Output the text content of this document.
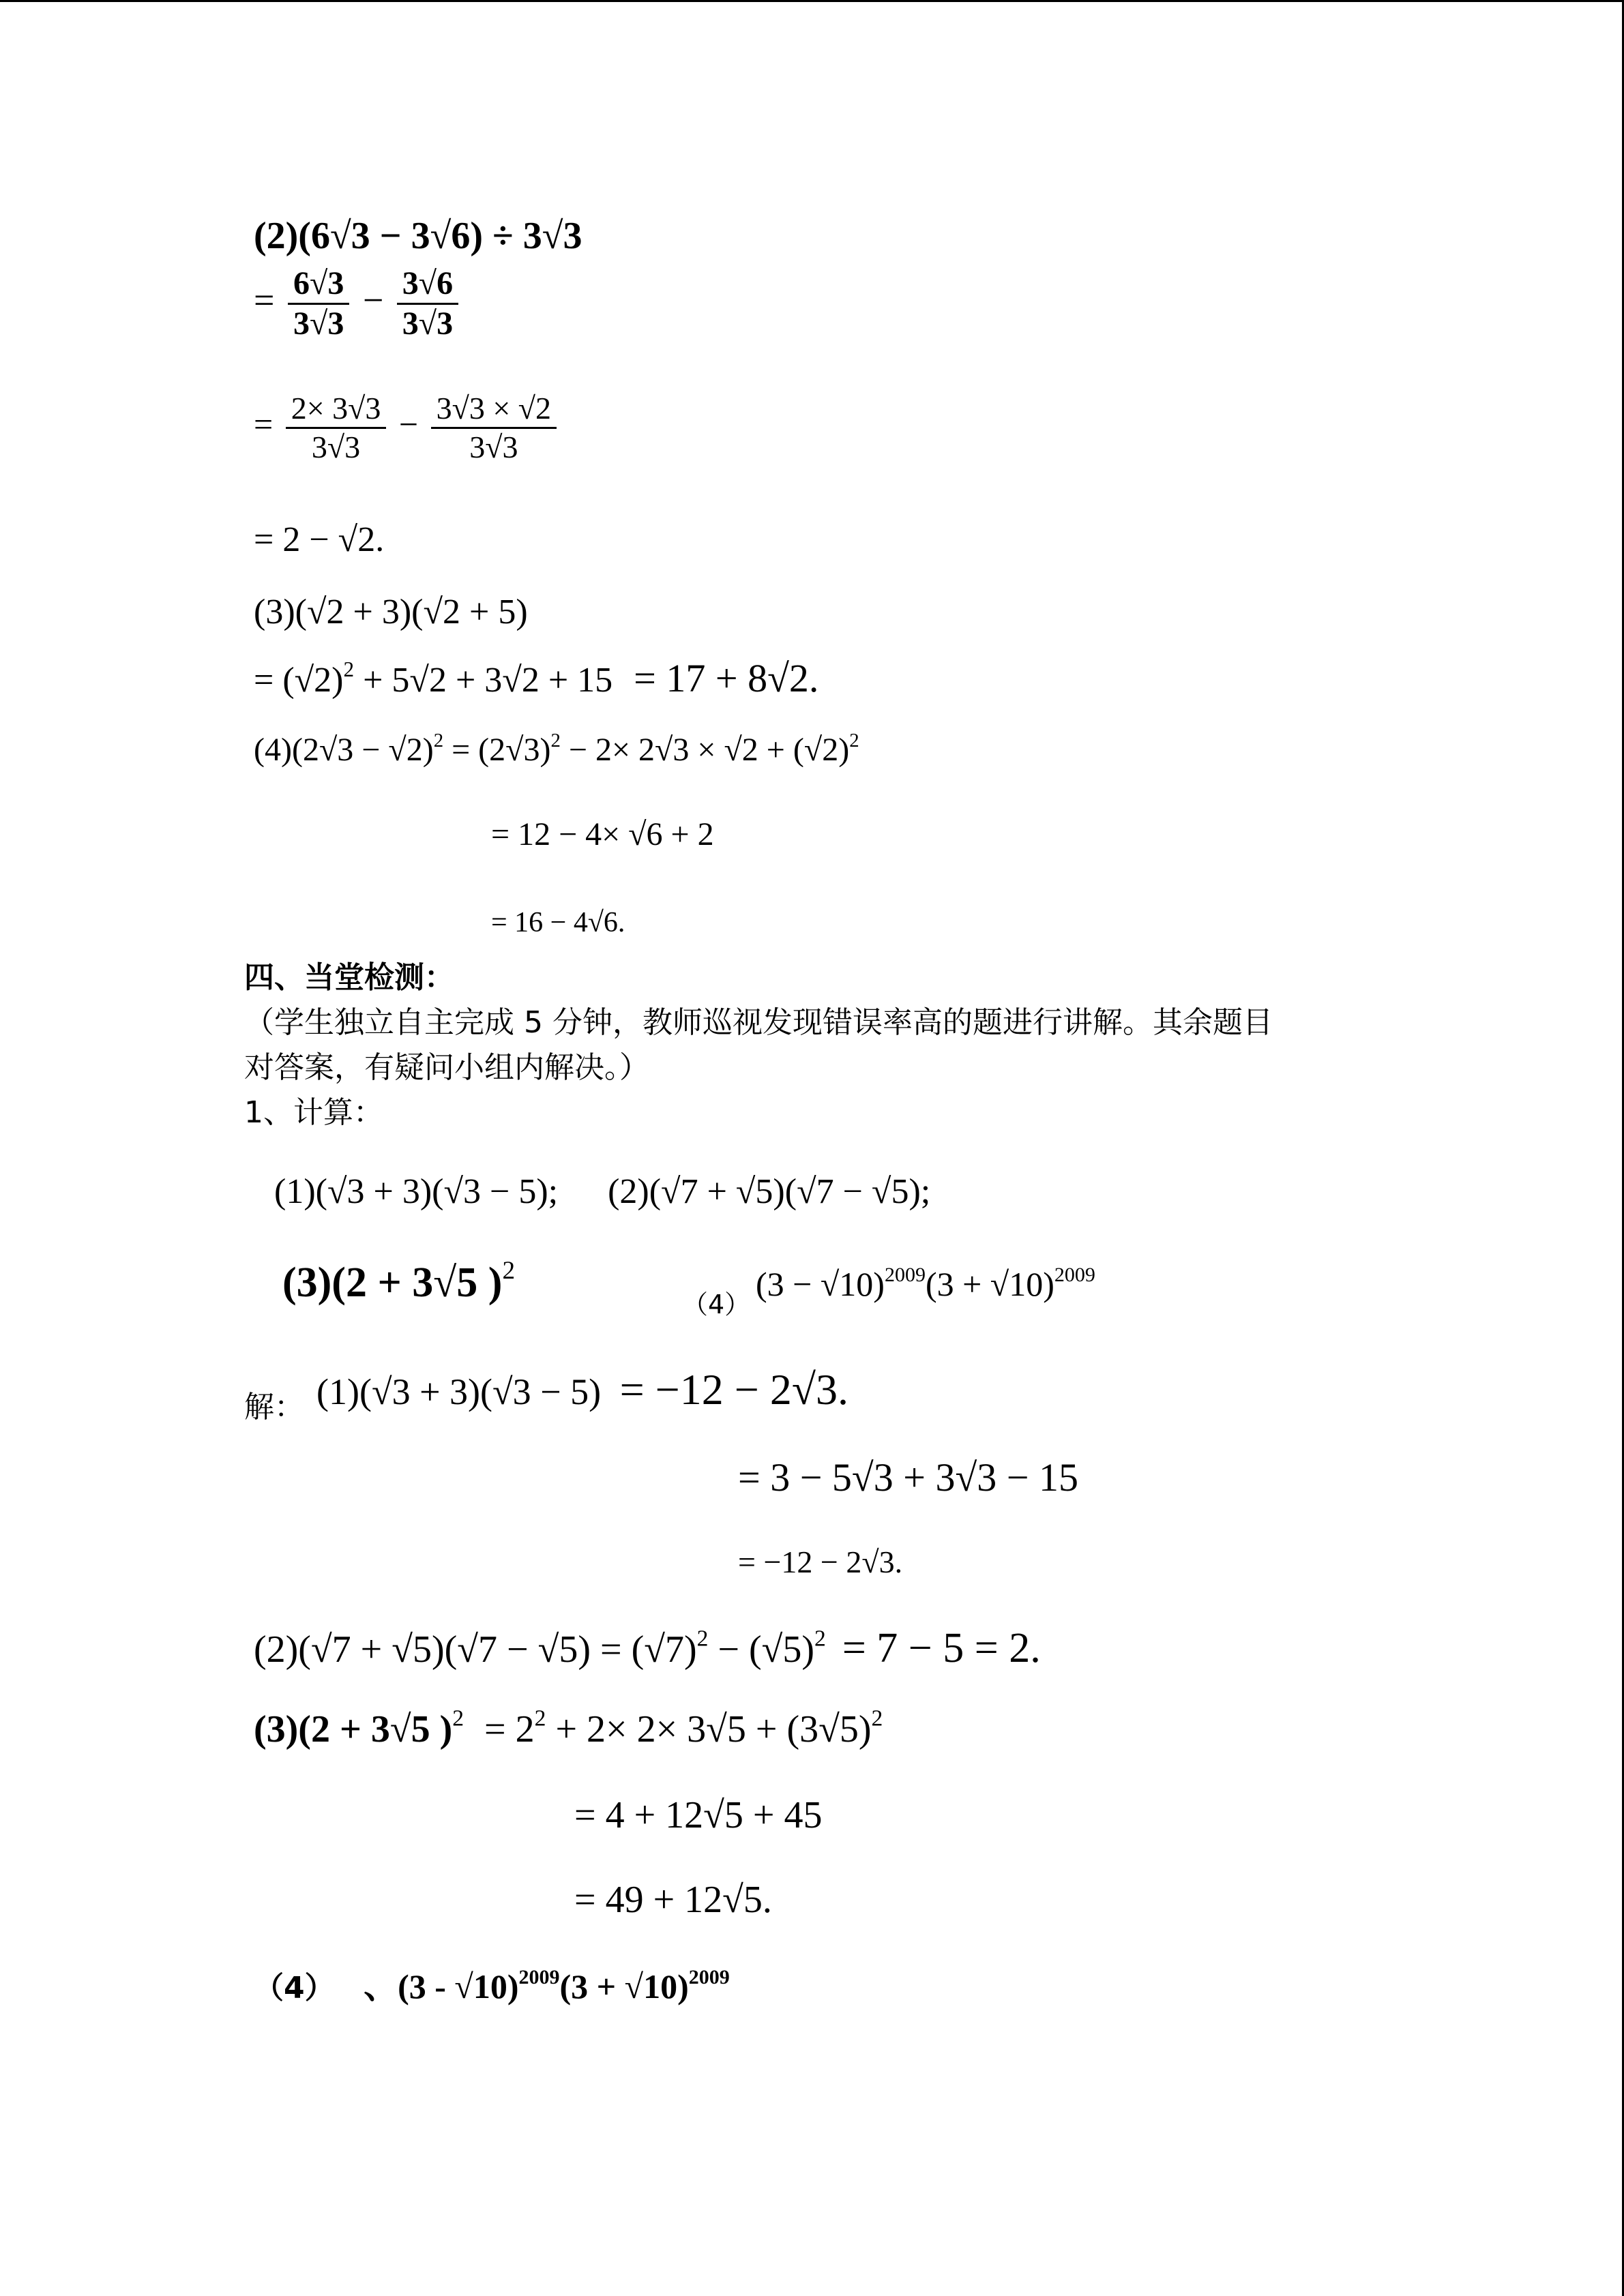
(2)(6√3 − 3√6) ÷ 3√3
= $\frac{6√3}{3√3} - \frac{3√6}{3√3}$
= $\frac{2\times 3√3}{3√3} - \frac{3√3 \times √2}{3√3}$
= 2 − √2.
(3)(√2 + 3)(√2 + 5)
= $(√2)^2 + 5√2 + 3√2 + 15 = 17 + 8√2$.
$(4)(2√3 - √2)^2 = (2√3)^2 - 2\times 2√3 \times √2 + (√2)^2$
= 12 − 4× √6 + 2
= 16 − 4√6.
四、当堂检测：
（学生独立自主完成 5 分钟，教师巡视发现错误率高的题进行讲解。其余题目
对答案，有疑问小组内解决。）
1、计算：
(1)(√3 + 3)(√3 − 5); (2)(√7 + √5)(√7 − √5);
(3)(2 + 3√5 )$^2$
（4）
$(3 - √10)^{2009}(3 + √10)^{2009}$
解： (1)(√3 + 3)(√3 − 5) = −12 − 2√3.
= 3 − 5√3 + 3√3 − 15
= −12 − 2√3.
$(2)(√7 + √5)(√7 - √5) = (√7)^2 - (√5)^2 = 7 - 5 = 2$.
(3)(2 + 3√5 )$^2 = 2^2 + 2\times 2\times 3√5 + (3√5)^2$
= 4 + 12√5 + 45
= 49 + 12√5.
（4） 、$(3 - √10)^{2009}(3 + √10)^{2009}$
